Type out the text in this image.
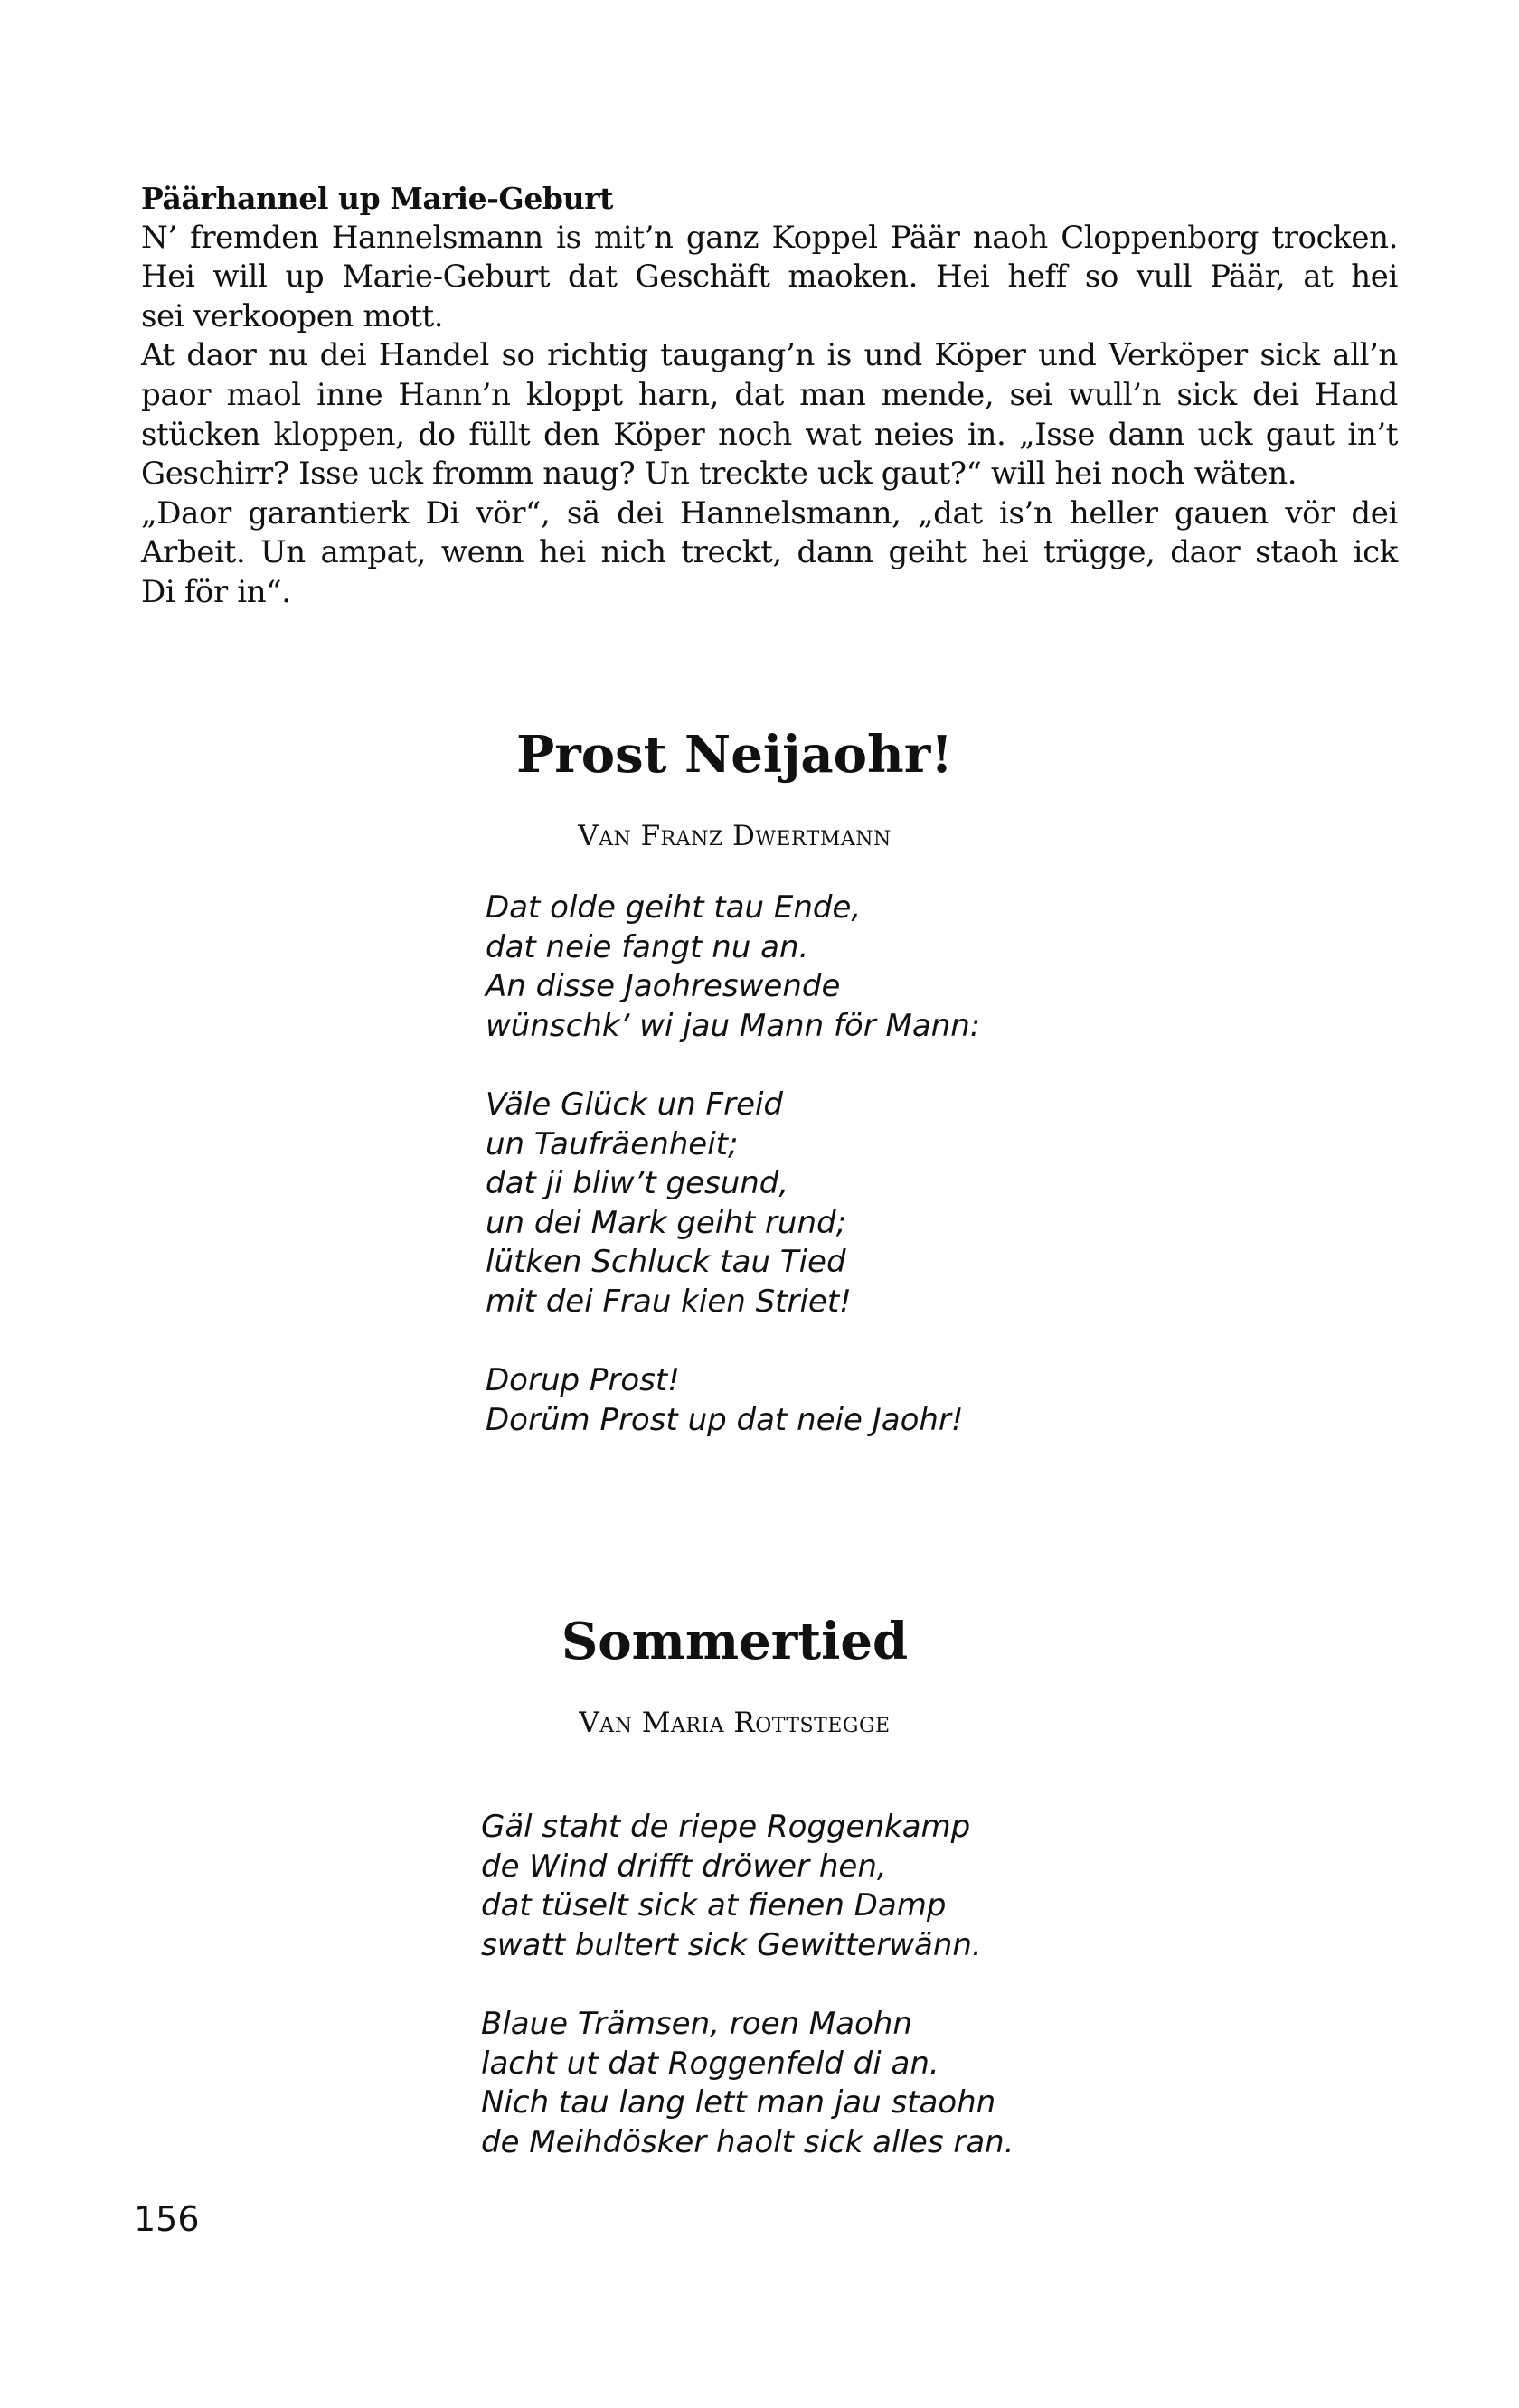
Päärhannel up Marie-Geburt
N’ fremden Hannelsmann is mit’n ganz Koppel Päär naoh Cloppenborg trocken.
Hei will up Marie-Geburt dat Geschäft maoken. Hei heff so vull Päär, at hei
sei verkoopen mott.
At daor nu dei Handel so richtig taugang’n is und Köper und Verköper sick all’n
paor maol inne Hann’n kloppt harn, dat man mende, sei wull’n sick dei Hand
stücken kloppen, do füllt den Köper noch wat neies in. „Isse dann uck gaut in’t
Geschirr? Isse uck fromm naug? Un treckte uck gaut?“ will hei noch wäten.
„Daor garantierk Di vör“, sä dei Hannelsmann, „dat is’n heller gauen vör dei
Arbeit. Un ampat, wenn hei nich treckt, dann geiht hei trügge, daor staoh ick
Di för in“.
Prost Neijaohr!
Van Franz Dwertmann
Dat olde geiht tau Ende,
dat neie fangt nu an.
An disse Jaohreswende
wünschk’ wi jau Mann för Mann:
Väle Glück un Freid
un Taufräenheit;
dat ji bliw’t gesund,
un dei Mark geiht rund;
lütken Schluck tau Tied
mit dei Frau kien Striet!
Dorup Prost!
Dorüm Prost up dat neie Jaohr!
Sommertied
Van Maria Rottstegge
Gäl staht de riepe Roggenkamp
de Wind drifft dröwer hen,
dat tüselt sick at fienen Damp
swatt bultert sick Gewitterwänn.
Blaue Trämsen, roen Maohn
lacht ut dat Roggenfeld di an.
Nich tau lang lett man jau staohn
de Meihdösker haolt sick alles ran.
156
